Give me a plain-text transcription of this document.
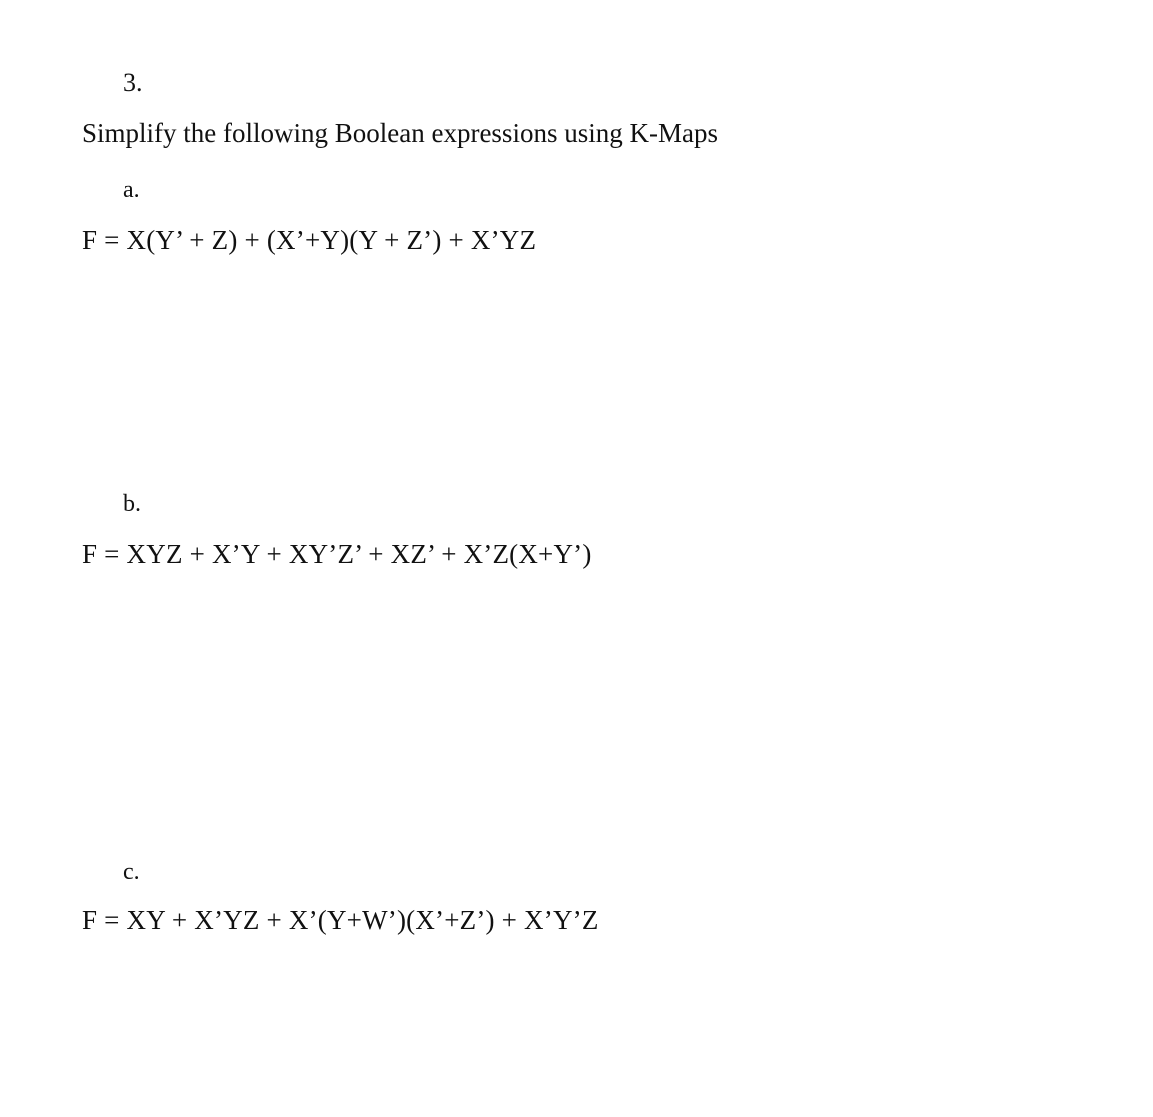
3.
Simplify the following Boolean expressions using K-Maps
a.
F = X(Y’ + Z) + (X’+Y)(Y + Z’) + X’YZ
b.
F = XYZ + X’Y + XY’Z’ + XZ’ + X’Z(X+Y’)
c.
F = XY + X’YZ + X’(Y+W’)(X’+Z’) + X’Y’Z
